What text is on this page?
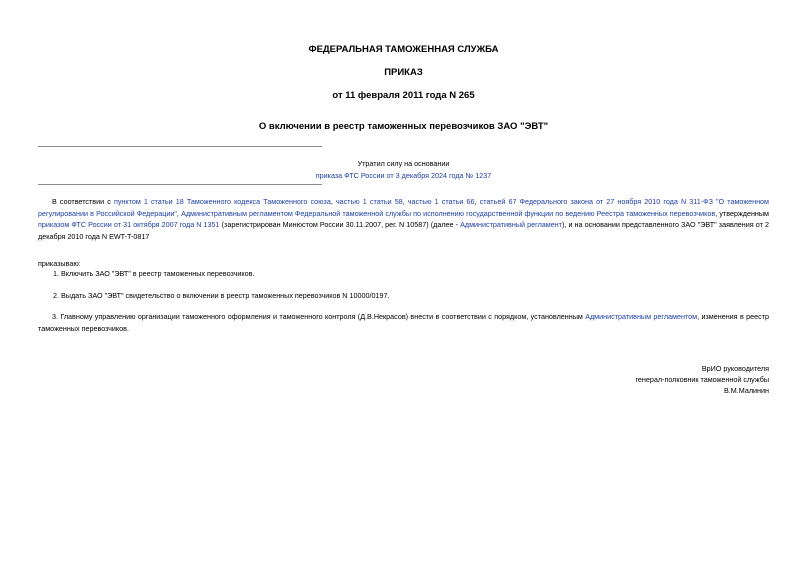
ФЕДЕРАЛЬНАЯ ТАМОЖЕННАЯ СЛУЖБА
ПРИКАЗ
от 11 февраля 2011 года N 265
О включении в реестр таможенных перевозчиков ЗАО "ЭВТ"
Утратил силу на основании
приказа ФТС России от 3 декабря 2024 года № 1237
В соответствии с пунктом 1 статьи 18 Таможенного кодекса Таможенного союза, частью 1 статьи 58, частью 1 статьи 66, статьей 67 Федерального закона от 27 ноября 2010 года N 311-ФЗ "О таможенном регулировании в Российской Федерации", Административным регламентом Федеральной таможенной службы по исполнению государственной функции по ведению Реестра таможенных перевозчиков, утвержденным приказом ФТС России от 31 октября 2007 года N 1351 (зарегистрирован Минюстом России 30.11.2007, рег. N 10587) (далее - Административный регламент), и на основании представленного ЗАО "ЭВТ" заявления от 2 декабря 2010 года N EWT-T-0817
приказываю:
1. Включить ЗАО "ЭВТ" в реестр таможенных перевозчиков.
2. Выдать ЗАО "ЭВТ" свидетельство о включении в реестр таможенных перевозчиков N 10000/0197.
3. Главному управлению организации таможенного оформления и таможенного контроля (Д.В.Некрасов) внести в соответствии с порядком, установленным Административным регламентом, изменения в реестр таможенных перевозчиков.
ВрИО руководителя
генерал-полковник таможенной службы
В.М.Малинин
